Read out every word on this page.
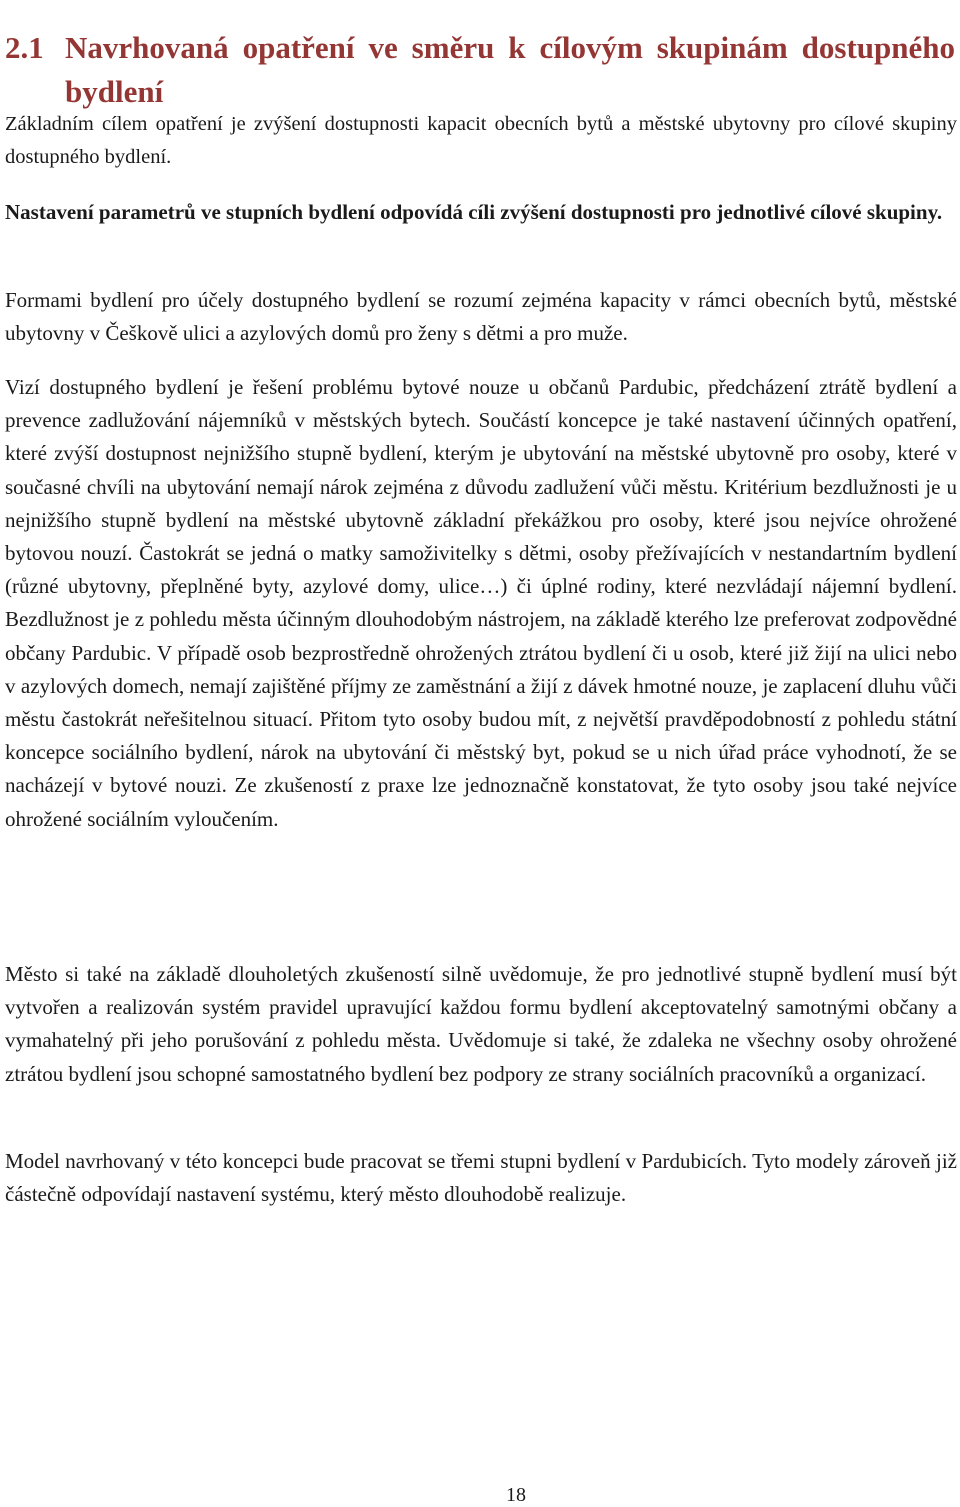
2.1 Navrhovaná opatření ve směru k cílovým skupinám dostupného bydlení

Základním cílem opatření je zvýšení dostupnosti kapacit obecních bytů a městské ubytovny pro cílové skupiny dostupného bydlení.

Nastavení parametrů ve stupních bydlení odpovídá cíli zvýšení dostupnosti pro jednotlivé cílové skupiny.

Formami bydlení pro účely dostupného bydlení se rozumí zejména kapacity v rámci obecních bytů, městské ubytovny v Češkově ulici a azylových domů pro ženy s dětmi a pro muže.

Vizí dostupného bydlení je řešení problému bytové nouze u občanů Pardubic, předcházení ztrátě bydlení a prevence zadlužování nájemníků v městských bytech. Součástí koncepce je také nastavení účinných opatření, které zvýší dostupnost nejnižšího stupně bydlení, kterým je ubytování na městské ubytovně pro osoby, které v současné chvíli na ubytování nemají nárok zejména z důvodu zadlužení vůči městu. Kritérium bezdlužnosti je u nejnižšího stupně bydlení na městské ubytovně základní překážkou pro osoby, které jsou nejvíce ohrožené bytovou nouzí. Častokrát se jedná o matky samoživitelky s dětmi, osoby přežívajících v nestandartním bydlení (různé ubytovny, přeplněné byty, azylové domy, ulice…) či úplné rodiny, které nezvládají nájemní bydlení. Bezdlužnost je z pohledu města účinným dlouhodobým nástrojem, na základě kterého lze preferovat zodpovědné občany Pardubic. V případě osob bezprostředně ohrožených ztrátou bydlení či u osob, které již žijí na ulici nebo v azylových domech, nemají zajištěné příjmy ze zaměstnání a žijí z dávek hmotné nouze, je zaplacení dluhu vůči městu častokrát neřešitelnou situací. Přitom tyto osoby budou mít, z největší pravděpodobností z pohledu státní koncepce sociálního bydlení, nárok na ubytování či městský byt, pokud se u nich úřad práce vyhodnotí, že se nacházejí v bytové nouzi. Ze zkušeností z praxe lze jednoznačně konstatovat, že tyto osoby jsou také nejvíce ohrožené sociálním vyloučením.

Město si také na základě dlouholetých zkušeností silně uvědomuje, že pro jednotlivé stupně bydlení musí být vytvořen a realizován systém pravidel upravující každou formu bydlení akceptovatelný samotnými občany a vymahatelný při jeho porušování z pohledu města. Uvědomuje si také, že zdaleka ne všechny osoby ohrožené ztrátou bydlení jsou schopné samostatného bydlení bez podpory ze strany sociálních pracovníků a organizací.

Model navrhovaný v této koncepci bude pracovat se třemi stupni bydlení v Pardubicích. Tyto modely zároveň již částečně odpovídají nastavení systému, který město dlouhodobě realizuje.

18
